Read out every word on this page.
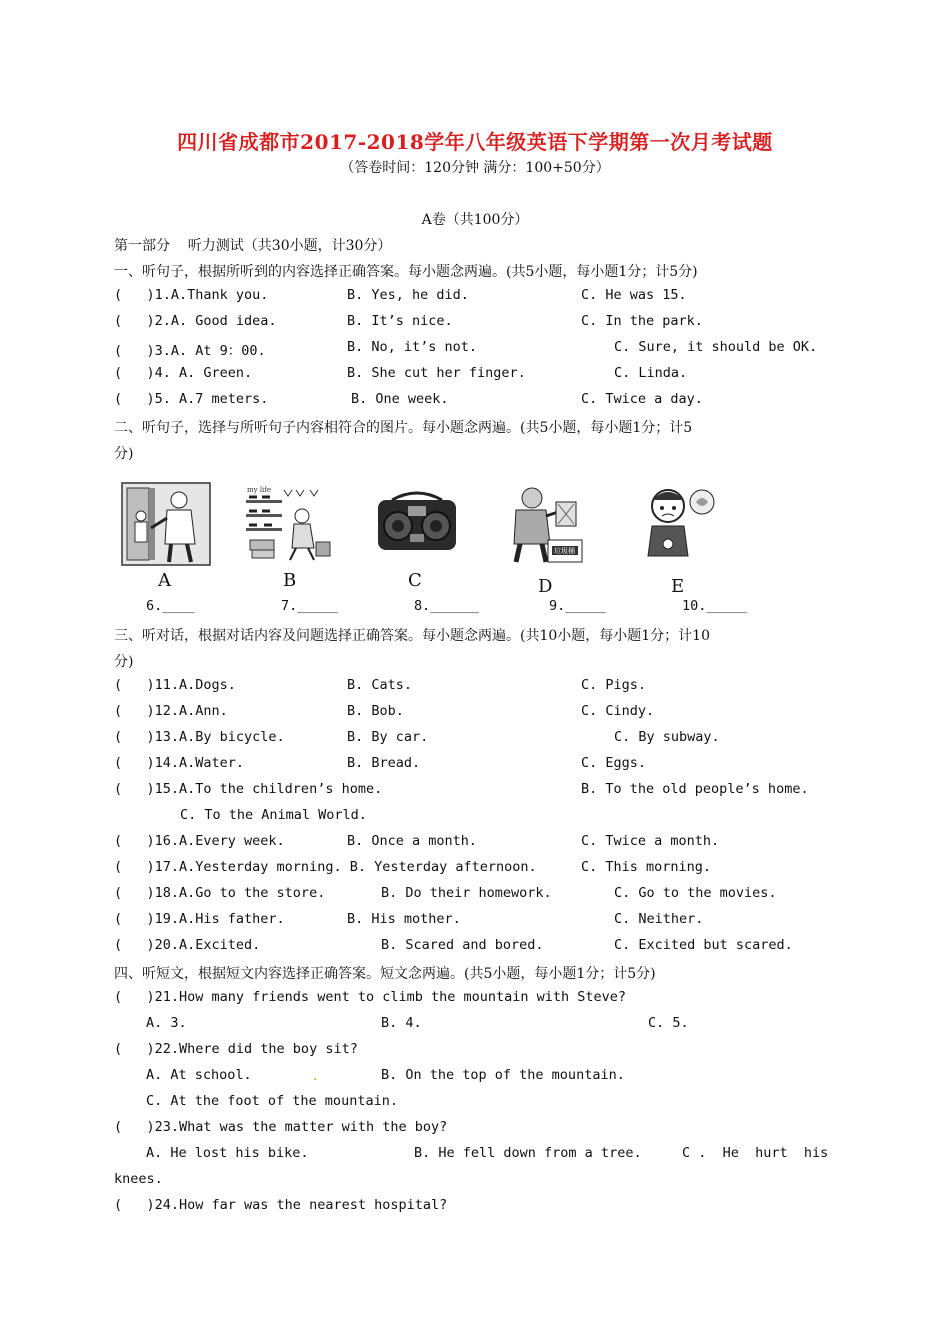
四川省成都市2017-2018学年八年级英语下学期第一次月考试题
（答卷时间：120分钟 满分：100+50分）
A卷（共100分）
第一部分    听力测试（共30小题，计30分）
一、听句子，根据所听到的内容选择正确答案。每小题念两遍。(共5小题，每小题1分；计5分)
(   )1.A.Thank you.	B. Yes, he did.	C. He was 15.
(   )2.A. Good idea.	B. It’s nice.	C. In the park.
(   )3.A. At 9：00.	B. No, it’s not.	C. Sure, it should be OK.
(   )4. A. Green.	B. She cut her finger.	C. Linda.
(   )5. A.7 meters.	B. One week.	C. Twice a day.
二、听句子，选择与所听句子内容相符合的图片。每小题念两遍。(共5小题，每小题1分；计5
分)
A
my life
B	C
垃圾桶
D	E
6.____	7._____	8.______	9._____	10._____
三、听对话，根据对话内容及问题选择正确答案。每小题念两遍。(共10小题，每小题1分；计10
分)
(   )11.A.Dogs.	B. Cats.	C. Pigs.
(   )12.A.Ann.	B. Bob.	C. Cindy.
(   )13.A.By bicycle.	B. By car.	C. By subway.
(   )14.A.Water.	B. Bread.	C. Eggs.
(   )15.A.To the children’s home.	B. To the old people’s home.
C. To the Animal World.
(   )16.A.Every week.	B. Once a month.	C. Twice a month.
(   )17.A.Yesterday morning. B. Yesterday afternoon.	C. This morning.
(   )18.A.Go to the store.	B. Do their homework.	C. Go to the movies.
(   )19.A.His father.	B. His mother.	C. Neither.
(   )20.A.Excited.	B. Scared and bored.	C. Excited but scared.
四、听短文，根据短文内容选择正确答案。短文念两遍。(共5小题，每小题1分；计5分)
(   )21.How many friends went to climb the mountain with Steve?
A. 3.	B. 4.	C. 5.
(   )22.Where did the boy sit?
A. At school.	.	B. On the top of the mountain.
C. At the foot of the mountain.
(   )23.What was the matter with the boy?
A. He lost his bike.	B. He fell down from a tree.	C .  He  hurt  his
knees.
(   )24.How far was the nearest hospital?
